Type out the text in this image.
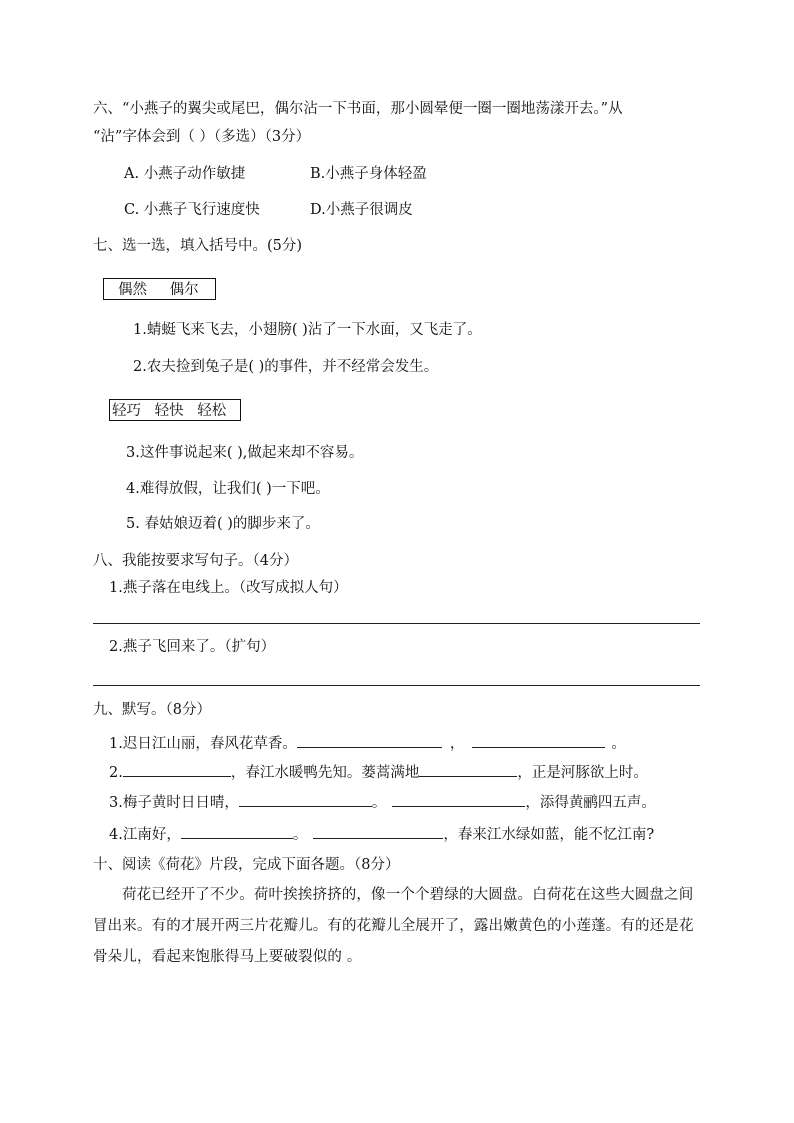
六、“小燕子的翼尖或尾巴，偶尔沾一下书面，那小圆晕便一圈一圈地荡漾开去。”从
“沾”字体会到（ ）（多选）（3分）
A. 小燕子动作敏捷	B.小燕子身体轻盈
C. 小燕子飞行速度快	D.小燕子很调皮
七、选一选，填入括号中。(5分)
偶然 偶尔
1.蜻蜓飞来飞去，小翅膀( )沾了一下水面，又飞走了。
2.农夫捡到兔子是( )的事件，并不经常会发生。
轻巧 轻快 轻松
3.这件事说起来( ),做起来却不容易。
4.难得放假，让我们( )一下吧。
5. 春姑娘迈着( )的脚步来了。
八、我能按要求写句子。（4分）
1.燕子落在电线上。（改写成拟人句）
2.燕子飞回来了。（扩句）
九、默写。（8分）
1.迟日江山丽，春风花草香。	，	。
2.	，春江水暖鸭先知。蒌蒿满地	，正是河豚欲上时。
3.梅子黄时日日晴，	。	，添得黄鹂四五声。
4.江南好，	。	，春来江水绿如蓝，能不忆江南?
十、阅读《荷花》片段，完成下面各题。（8分）
荷花已经开了不少。荷叶挨挨挤挤的，像一个个碧绿的大圆盘。白荷花在这些大圆盘之间冒出来。有的才展开两三片花瓣儿。有的花瓣儿全展开了，露出嫩黄色的小莲蓬。有的还是花骨朵儿，看起来饱胀得马上要破裂似的 。
